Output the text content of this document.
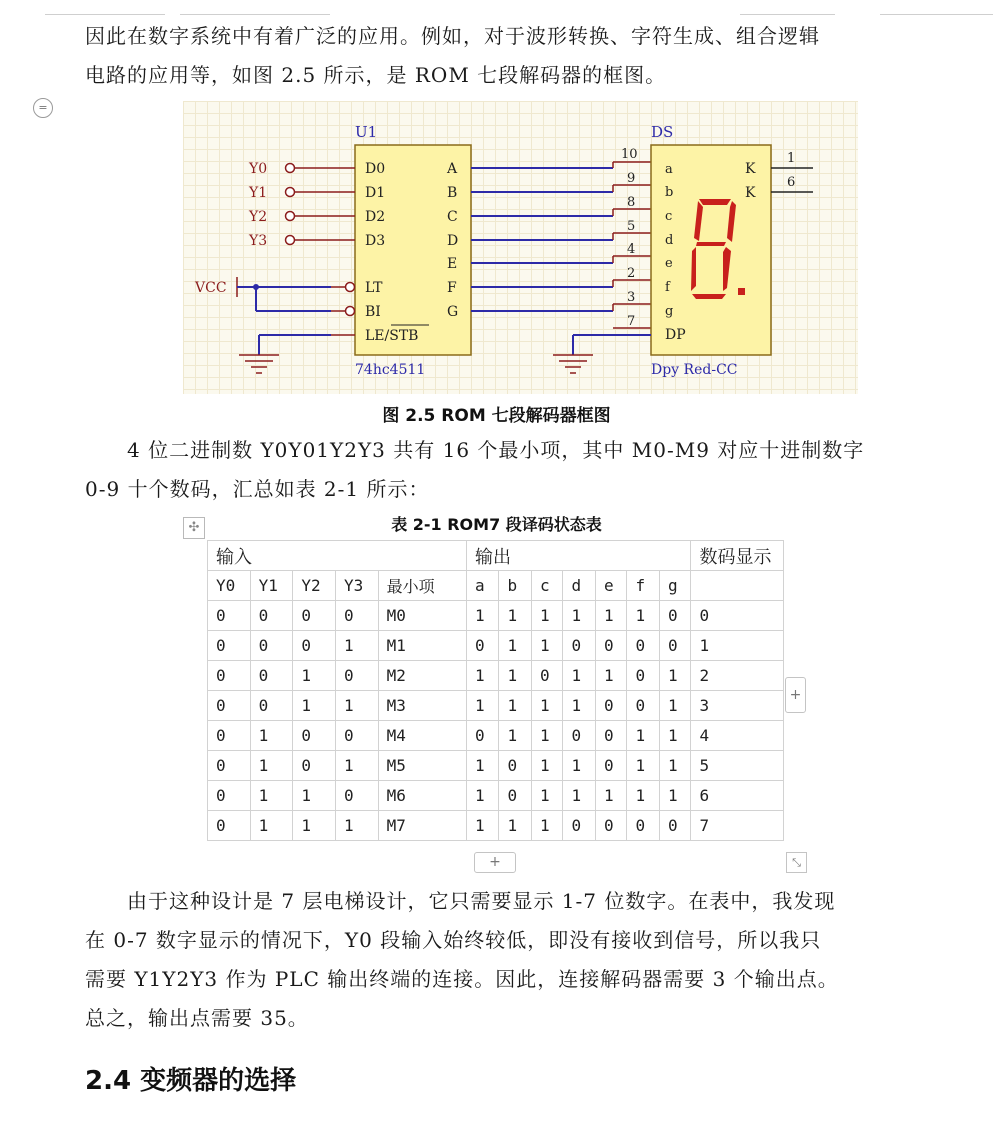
=
因此在数字系统中有着广泛的应用。例如，对于波形转换、字符生成、组合逻辑
电路的应用等，如图 2.5 所示，是 ROM 七段解码器的框图。
U1
74hc4511
D0
D1
D2
D3
Y0
Y1
Y2
Y3
LT
BI
LE/STB
VCC
A
B
C
D
E
F
G
10
9
8
5
4
2
3
7
DS
Dpy Red-CC
a
b
c
d
e
f
g
DP
K
K
8.
1
6
图 2.5 ROM 七段解码器框图
4 位二进制数 Y0Y01Y2Y3 共有 16 个最小项，其中 M0-M9 对应十进制数字
0-9 十个数码，汇总如表 2-1 所示：
✣	表 2-1 ROM7 段译码状态表
输入					输出							数码显示
Y0	Y1	Y2	Y3	最小项	a	b	c	d	e	f	g	
0	0	0	0	M0	1	1	1	1	1	1	0	0
0	0	0	1	M1	0	1	1	0	0	0	0	1
0	0	1	0	M2	1	1	0	1	1	0	1	2
0	0	1	1	M3	1	1	1	1	0	0	1	3
0	1	0	0	M4	0	1	1	0	0	1	1	4
0	1	0	1	M5	1	0	1	1	0	1	1	5
0	1	1	0	M6	1	0	1	1	1	1	1	6
0	1	1	1	M7	1	1	1	0	0	0	0	7
+
+	⤡
由于这种设计是 7 层电梯设计，它只需要显示 1-7 位数字。在表中，我发现
在 0-7 数字显示的情况下，Y0 段输入始终较低，即没有接收到信号，所以我只
需要 Y1Y2Y3 作为 PLC 输出终端的连接。因此，连接解码器需要 3 个输出点。
总之，输出点需要 35。
2.4 变频器的选择
